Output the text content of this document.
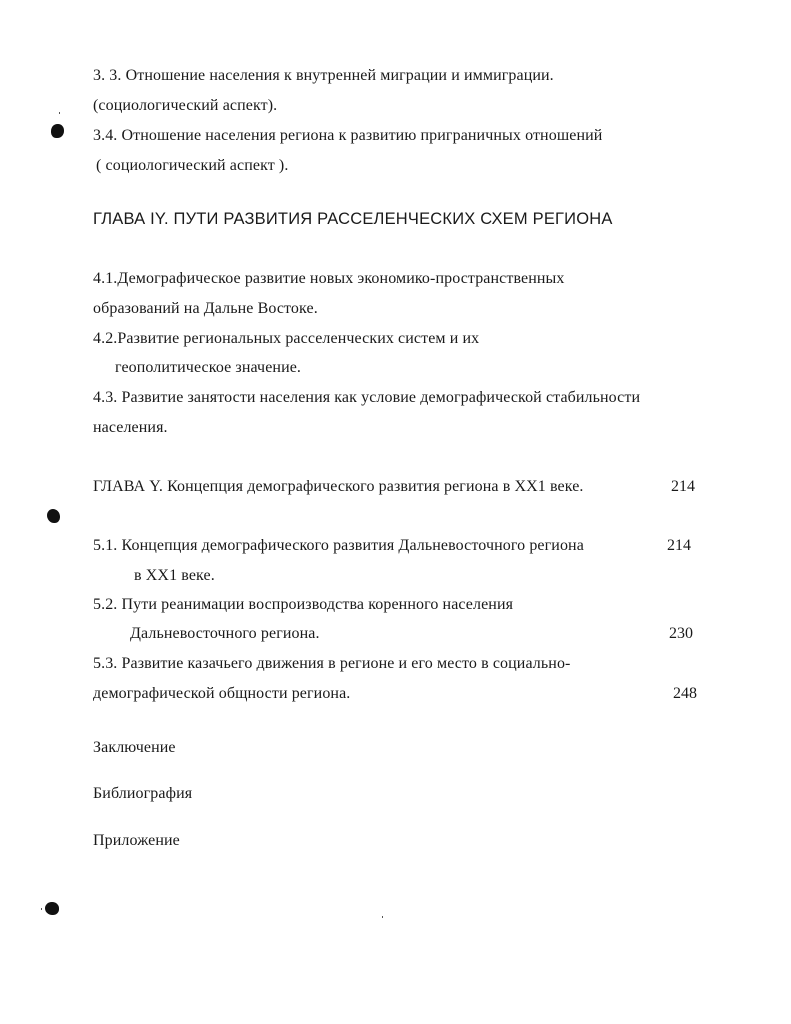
3. 3. Отношение населения к внутренней миграции и иммиграции.
(социологический аспект).
3.4. Отношение населения региона к развитию приграничных отношений
( социологический аспект ).
ГЛАВА IY. ПУТИ РАЗВИТИЯ РАССЕЛЕНЧЕСКИХ СХЕМ РЕГИОНА
4.1.Демографическое развитие новых экономико-пространственных
образований на Дальне Востоке.
4.2.Развитие региональных расселенческих систем и их
геополитическое значение.
4.3. Развитие занятости населения как условие демографической стабильности
населения.
ГЛАВА Y. Концепция демографического развития региона в XX1 веке.	214
5.1. Концепция демографического развития Дальневосточного региона	214
в XX1 веке.
5.2. Пути реанимации воспроизводства коренного населения
Дальневосточного региона.	230
5.3. Развитие казачьего движения в регионе и его место в социально-
демографической общности региона.	248
Заключение
Библиография
Приложение
